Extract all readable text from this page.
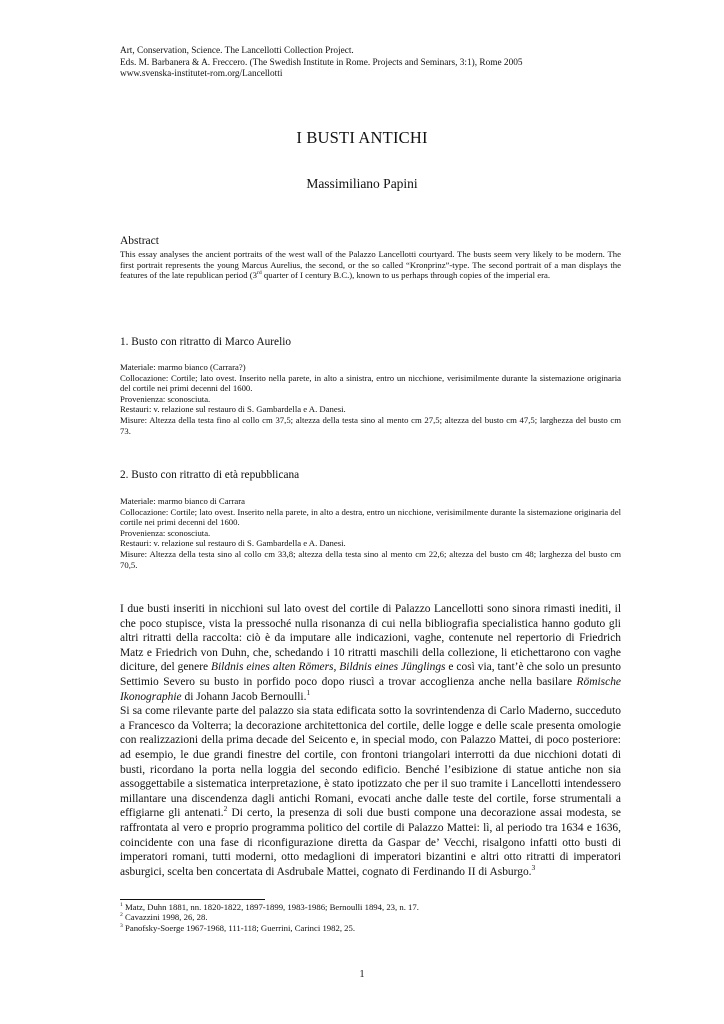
Art, Conservation, Science. The Lancellotti Collection Project.
Eds. M. Barbanera & A. Freccero. (The Swedish Institute in Rome. Projects and Seminars, 3:1), Rome 2005
www.svenska-institutet-rom.org/Lancellotti
I BUSTI ANTICHI
Massimiliano Papini
Abstract
This essay analyses the ancient portraits of the west wall of the Palazzo Lancellotti courtyard. The busts seem very likely to be modern. The first portrait represents the young Marcus Aurelius, the second, or the so called “Kronprinz”-type. The second portrait of a man displays the features of the late republican period (3rd quarter of I century B.C.), known to us perhaps through copies of the imperial era.
1. Busto con ritratto di Marco Aurelio

Materiale: marmo bianco (Carrara?)

Collocazione: Cortile; lato ovest. Inserito nella parete, in alto a sinistra, entro un nicchione, verisimilmente durante la sistemazione originaria del cortile nei primi decenni del 1600.

Provenienza: sconosciuta.

Restauri: v. relazione sul restauro di S. Gambardella e A. Danesi.

Misure: Altezza della testa fino al collo cm 37,5; altezza della testa sino al mento cm 27,5; altezza del busto cm 47,5; larghezza del busto cm 73.

2. Busto con ritratto di età repubblicana

Materiale: marmo bianco di Carrara

Collocazione: Cortile; lato ovest. Inserito nella parete, in alto a destra, entro un nicchione, verisimilmente durante la sistemazione originaria del cortile nei primi decenni del 1600.

Provenienza: sconosciuta.

Restauri: v. relazione sul restauro di S. Gambardella e A. Danesi.

Misure: Altezza della testa sino al collo cm 33,8; altezza della testa sino al mento cm 22,6; altezza del busto cm 48; larghezza del busto cm 70,5.

I due busti inseriti in nicchioni sul lato ovest del cortile di Palazzo Lancellotti sono sinora rimasti inediti, il che poco stupisce, vista la pressoché nulla risonanza di cui nella bibliografia specialistica hanno goduto gli altri ritratti della raccolta: ciò è da imputare alle indicazioni, vaghe, contenute nel repertorio di Friedrich Matz e Friedrich von Duhn, che, schedando i 10 ritratti maschili della collezione, li etichettarono con vaghe diciture, del genere Bildnis eines alten Römers, Bildnis eines Jünglings e così via, tant’è che solo un presunto Settimio Severo su busto in porfido poco dopo riuscì a trovar accoglienza anche nella basilare Römische Ikonographie di Johann Jacob Bernoulli.$^1$

Si sa come rilevante parte del palazzo sia stata edificata sotto la sovrintendenza di Carlo Maderno, succeduto a Francesco da Volterra; la decorazione architettonica del cortile, delle logge e delle scale presenta omologie con realizzazioni della prima decade del Seicento e, in special modo, con Palazzo Mattei, di poco posteriore: ad esempio, le due grandi finestre del cortile, con frontoni triangolari interrotti da due nicchioni dotati di busti, ricordano la porta nella loggia del secondo edificio. Benché l’esibizione di statue antiche non sia assoggettabile a sistematica interpretazione, è stato ipotizzato che per il suo tramite i Lancellotti intendessero millantare una discendenza dagli antichi Romani, evocati anche dalle teste del cortile, forse strumentali a effigiarne gli antenati.$^2$ Di certo, la presenza di soli due busti compone una decorazione assai modesta, se raffrontata al vero e proprio programma politico del cortile di Palazzo Mattei: lì, al periodo tra 1634 e 1636, coincidente con una fase di riconfigurazione diretta da Gaspar de’ Vecchi, risalgono infatti otto busti di imperatori romani, tutti moderni, otto medaglioni di imperatori bizantini e altri otto ritratti di imperatori asburgici, scelta ben concertata di Asdrubale Mattei, cognato di Ferdinando II di Asburgo.$^3$

$^1$ Matz, Duhn 1881, nn. 1820-1822, 1897-1899, 1983-1986; Bernoulli 1894, 23, n. 17.
$^2$ Cavazzini 1998, 26, 28.
$^3$ Panofsky-Soerge 1967-1968, 111-118; Guerrini, Carinci 1982, 25.
1
